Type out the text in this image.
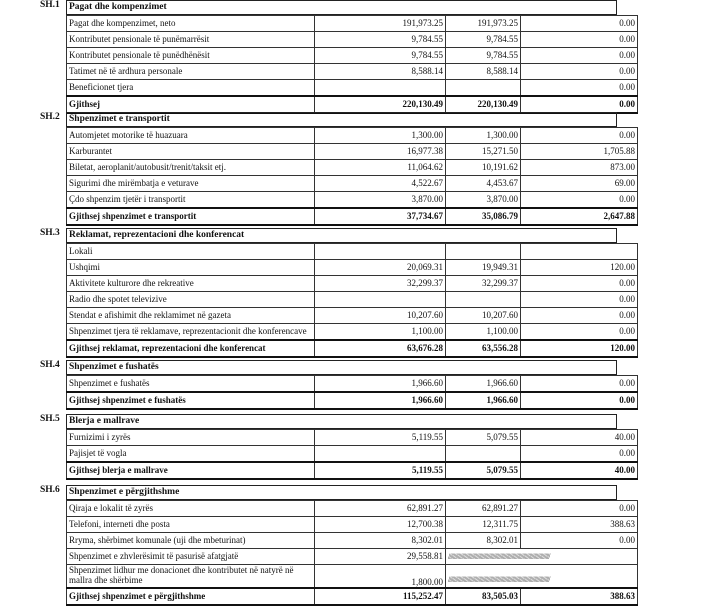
SH.1 Pagat dhe kompenzimet
Pagat dhe kompenzimet, neto	191,973.25	191,973.25	0.00
Kontributet pensionale të punëmarrësit	9,784.55	9,784.55	0.00
Kontributet pensionale të punëdhënësit	9,784.55	9,784.55	0.00
Tatimet në të ardhura personale	8,588.14	8,588.14	0.00
Beneficionet tjera			0.00
Gjithsej	220,130.49	220,130.49	0.00
SH.2 Shpenzimet e transportit
Automjetet motorike të huazuara	1,300.00	1,300.00	0.00
Karburantet	16,977.38	15,271.50	1,705.88
Biletat, aeroplanit/autobusit/trenit/taksit etj.	11,064.62	10,191.62	873.00
Sigurimi dhe mirëmbatja e veturave	4,522.67	4,453.67	69.00
Çdo shpenzim tjetër i transportit	3,870.00	3,870.00	0.00
Gjithsej shpenzimet e transportit	37,734.67	35,086.79	2,647.88
SH.3 Reklamat, reprezentacioni dhe konferencat
Lokali			
Ushqimi	20,069.31	19,949.31	120.00
Aktivitete kulturore dhe rekreative	32,299.37	32,299.37	0.00
Radio dhe spotet televizive			0.00
Stendat e afishimit dhe reklamimet në gazeta	10,207.60	10,207.60	0.00
Shpenzimet tjera të reklamave, reprezentacionit dhe konferencave	1,100.00	1,100.00	0.00
Gjithsej reklamat, reprezentacioni dhe konferencat	63,676.28	63,556.28	120.00
SH.4 Shpenzimet e fushatës
Shpenzimet e fushatës	1,966.60	1,966.60	0.00
Gjithsej shpenzimet e fushatës	1,966.60	1,966.60	0.00
SH.5 Blerja e mallrave
Furnizimi i zyrës	5,119.55	5,079.55	40.00
Pajisjet të vogla			0.00
Gjithsej blerja e mallrave	5,119.55	5,079.55	40.00
SH.6 Shpenzimet e përgjithshme
Qiraja e lokalit të zyrës	62,891.27	62,891.27	0.00
Telefoni, interneti dhe posta	12,700.38	12,311.75	388.63
Rryma, shërbimet komunale (uji dhe mbeturinat)	8,302.01	8,302.01	0.00
Shpenzimet e zhvlerësimit të pasurisë afatgjatë	29,558.81	///////////////////////////////////////////////////////////////////////////////////	
Shpenzimet lidhur me donacionet dhe kontributet në natyrë në mallra dhe shërbime	1,800.00	///////////////////////////////////////////////////////////////////////////////////	
Gjithsej shpenzimet e përgjithshme	115,252.47	83,505.03	388.63
